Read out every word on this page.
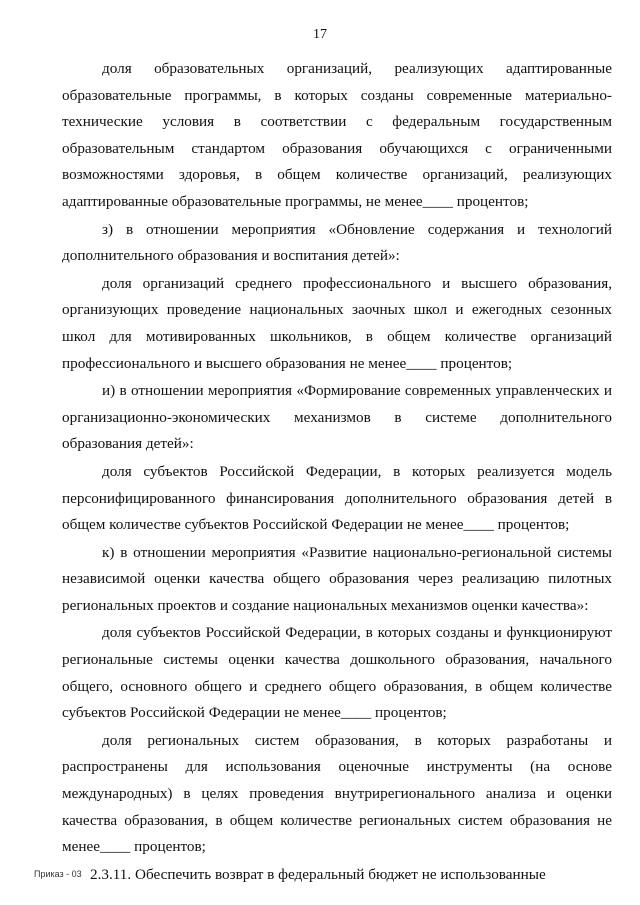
17

доля образовательных организаций, реализующих адаптированные образовательные программы, в которых созданы современные материально-технические условия в соответствии с федеральным государственным образовательным стандартом образования обучающихся с ограниченными возможностями здоровья, в общем количестве организаций, реализующих адаптированные образовательные программы, не менее____ процентов;

з) в отношении мероприятия «Обновление содержания и технологий дополнительного образования и воспитания детей»:

доля организаций среднего профессионального и высшего образования, организующих проведение национальных заочных школ и ежегодных сезонных школ для мотивированных школьников, в общем количестве организаций профессионального и высшего образования не менее____ процентов;

и) в отношении мероприятия «Формирование современных управленческих и организационно-экономических механизмов в системе дополнительного образования детей»:

доля субъектов Российской Федерации, в которых реализуется модель персонифицированного финансирования дополнительного образования детей в общем количестве субъектов Российской Федерации не менее____ процентов;

к) в отношении мероприятия «Развитие национально-региональной системы независимой оценки качества общего образования через реализацию пилотных региональных проектов и создание национальных механизмов оценки качества»:

доля субъектов Российской Федерации, в которых созданы и функционируют региональные системы оценки качества дошкольного образования, начального общего, основного общего и среднего общего образования, в общем количестве субъектов Российской Федерации не менее____ процентов;

доля региональных систем образования, в которых разработаны и распространены для использования оценочные инструменты (на основе международных) в целях проведения внутрирегионального анализа и оценки качества образования, в общем количестве региональных систем образования не менее____ процентов;

2.3.11. Обеспечить возврат в федеральный бюджет не использованные

Приказ - 03
